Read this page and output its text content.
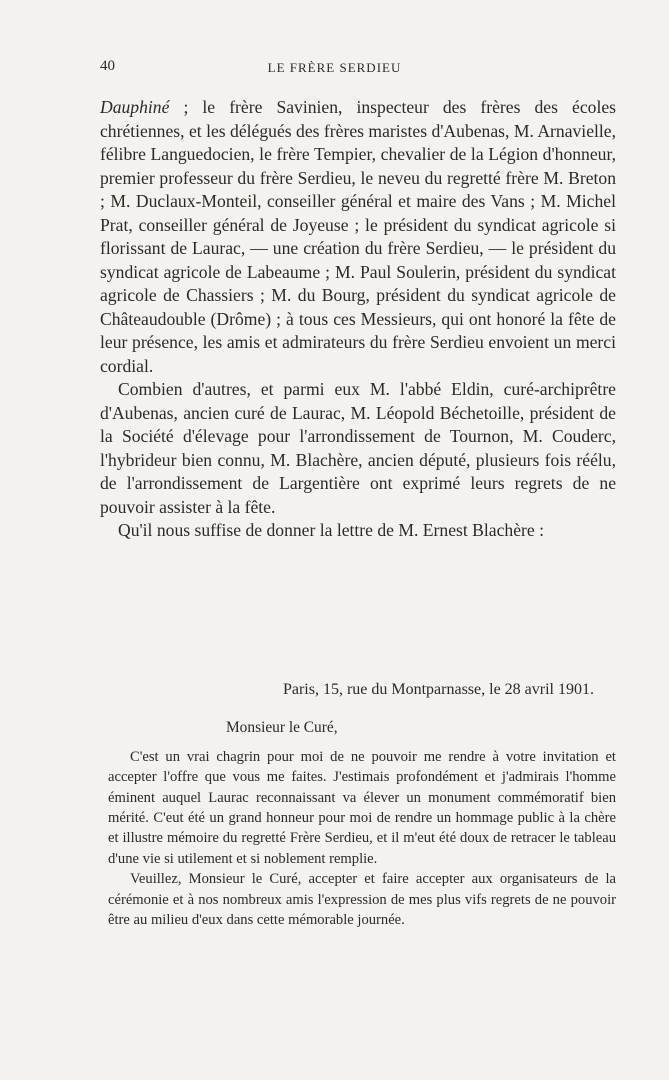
40	LE FRÈRE SERDIEU

Dauphiné ; le frère Savinien, inspecteur des frères des écoles chrétiennes, et les délégués des frères maristes d'Aubenas, M. Arnavielle, félibre Languedocien, le frère Tempier, chevalier de la Légion d'honneur, premier professeur du frère Serdieu, le neveu du regretté frère M. Breton ; M. Duclaux-Monteil, conseiller général et maire des Vans ; M. Michel Prat, conseiller général de Joyeuse ; le président du syndicat agricole si florissant de Laurac, — une création du frère Serdieu, — le président du syndicat agricole de Labeaume ; M. Paul Soulerin, président du syndicat agricole de Chassiers ; M. du Bourg, président du syndicat agricole de Châteaudouble (Drôme) ; à tous ces Messieurs, qui ont honoré la fête de leur présence, les amis et admirateurs du frère Serdieu envoient un merci cordial.

Combien d'autres, et parmi eux M. l'abbé Eldin, curé-archiprêtre d'Aubenas, ancien curé de Laurac, M. Léopold Béchetoille, président de la Société d'élevage pour l'arrondissement de Tournon, M. Couderc, l'hybrideur bien connu, M. Blachère, ancien député, plusieurs fois réélu, de l'arrondissement de Largentière ont exprimé leurs regrets de ne pouvoir assister à la fête.

Qu'il nous suffise de donner la lettre de M. Ernest Blachère :

Paris, 15, rue du Montparnasse, le 28 avril 1901.

Monsieur le Curé,

C'est un vrai chagrin pour moi de ne pouvoir me rendre à votre invitation et accepter l'offre que vous me faites. J'estimais profondément et j'admirais l'homme éminent auquel Laurac reconnaissant va élever un monument commémoratif bien mérité. C'eut été un grand honneur pour moi de rendre un hommage public à la chère et illustre mémoire du regretté Frère Serdieu, et il m'eut été doux de retracer le tableau d'une vie si utilement et si noblement remplie.

Veuillez, Monsieur le Curé, accepter et faire accepter aux organisateurs de la cérémonie et à nos nombreux amis l'expression de mes plus vifs regrets de ne pouvoir être au milieu d'eux dans cette mémorable journée.
